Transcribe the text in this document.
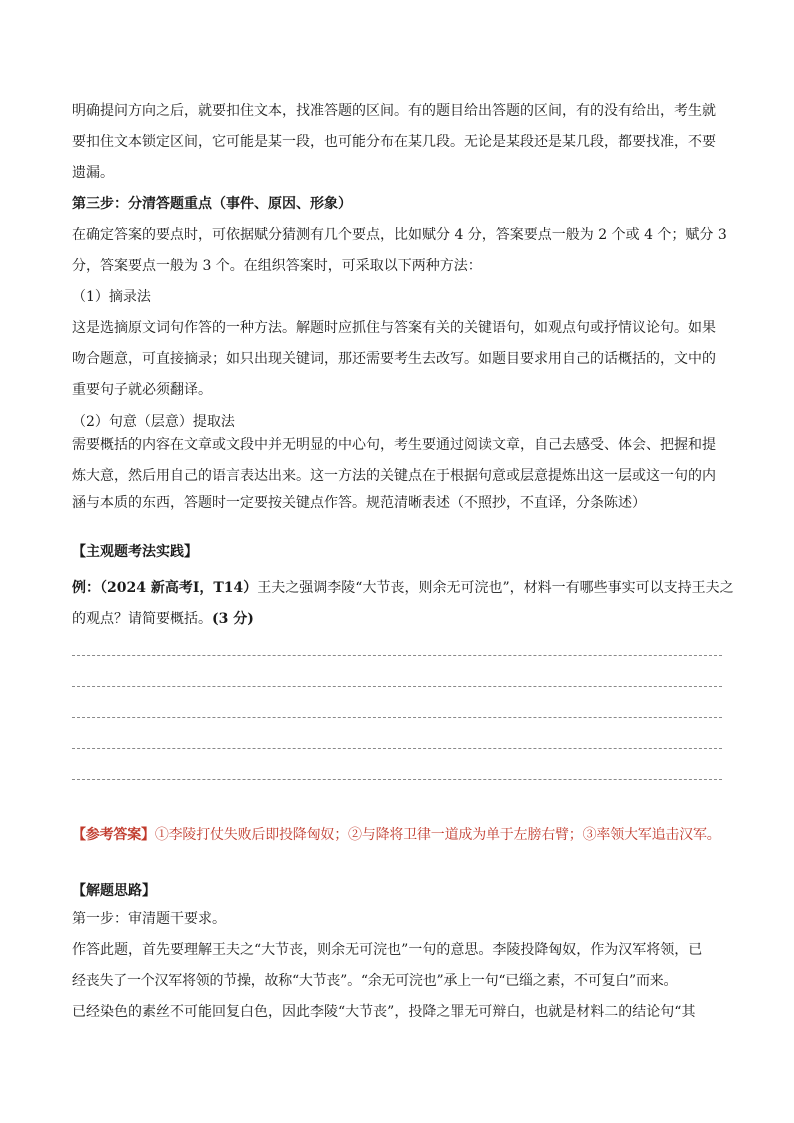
明确提问方向之后，就要扣住文本，找准答题的区间。有的题目给出答题的区间，有的没有给出，考生就

要扣住文本锁定区间，它可能是某一段，也可能分布在某几段。无论是某段还是某几段，都要找准，不要

遗漏。

第三步：分清答题重点（事件、原因、形象）

在确定答案的要点时，可依据赋分猜测有几个要点，比如赋分 4 分，答案要点一般为 2 个或 4 个；赋分 3

分，答案要点一般为 3 个。在组织答案时，可采取以下两种方法：

（1）摘录法

这是选摘原文词句作答的一种方法。解题时应抓住与答案有关的关键语句，如观点句或抒情议论句。如果

吻合题意，可直接摘录；如只出现关键词，那还需要考生去改写。如题目要求用自己的话概括的，文中的

重要句子就必须翻译。

（2）句意（层意）提取法

需要概括的内容在文章或文段中并无明显的中心句，考生要通过阅读文章，自己去感受、体会、把握和提

炼大意，然后用自己的语言表达出来。这一方法的关键点在于根据句意或层意提炼出这一层或这一句的内

涵与本质的东西，答题时一定要按关键点作答。规范清晰表述（不照抄，不直译，分条陈述）

【主观题考法实践】

例：（2024 新高考Ⅰ，T14）王夫之强调李陵“大节丧，则余无可浣也”，材料一有哪些事实可以支持王夫之

的观点？请简要概括。(3 分)

【参考答案】①李陵打仗失败后即投降匈奴；②与降将卫律一道成为单于左膀右臂；③率领大军追击汉军。

【解题思路】

第一步：审清题干要求。

作答此题，首先要理解王夫之“大节丧，则余无可浣也”一句的意思。李陵投降匈奴，作为汉军将领，已

经丧失了一个汉军将领的节操，故称“大节丧”。“余无可浣也”承上一句“已缁之素，不可复白”而来。

已经染色的素丝不可能回复白色，因此李陵“大节丧”，投降之罪无可辩白，也就是材料二的结论句“其
